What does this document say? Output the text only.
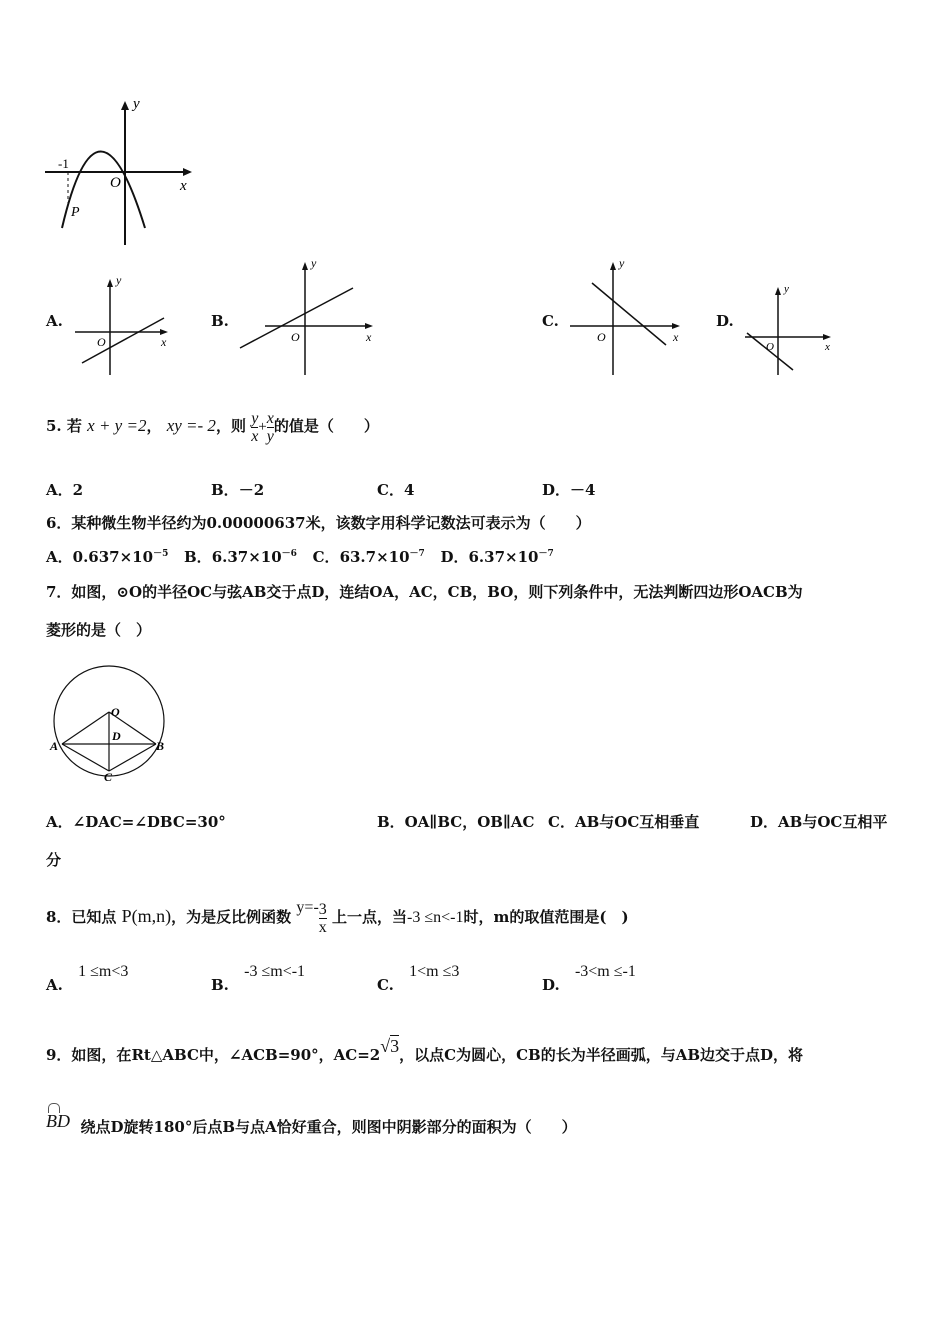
x
y
O
-1
P
A.
x
y
O
B.
x
y
O
C.
x
y
O
D.
x
y
O
5. 若 x + y =2， xy =- 2，则 $\frac{y}{x} + \frac{x}{y}$ 的值是（　　）
A．2	B．－2	C．4	D．－4
6．某种微生物半径约为0.00000637米，该数字用科学记数法可表示为（　　）
A．$0.637\times 10^{-5}$ B．$6.37\times 10^{-6}$ C．$63.7\times 10^{-7}$ D．$6.37\times 10^{-7}$
7．如图，⊙O的半径OC与弦AB交于点D，连结OA，AC，CB，BO，则下列条件中，无法判断四边形OACB为
菱形的是（　）
O
A	B
C
D
A．∠DAC=∠DBC=30°	B．OA∥BC，OB∥AC C．AB与OC互相垂直	D．AB与OC互相平
分
8．已知点 P(m,n)，为是反比例函数 $y=- \frac{3}{x}$ 上一点，当-3 ≤n<-1时，m的取值范围是(　)
A. 1 ≤m<3
B. -3 ≤m<-1
C. 1<m ≤3
D. -3<m ≤-1
9．如图，在Rt△ABC中，∠ACB=90°，AC=2√3，以点C为圆心，CB的长为半径画弧，与AB边交于点D，将
BD 绕点D旋转180°后点B与点A恰好重合，则图中阴影部分的面积为（　　）
